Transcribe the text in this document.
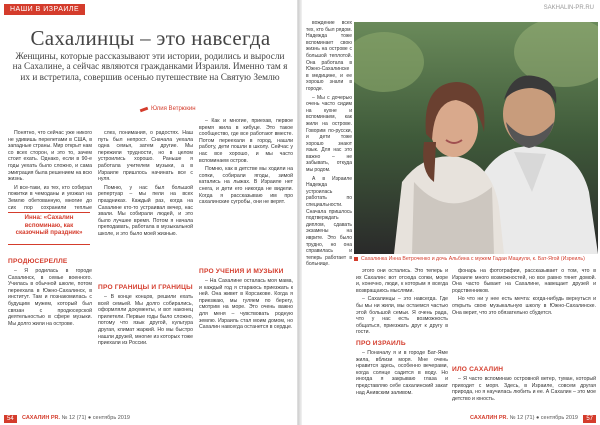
НАШИ В ИЗРАИЛЕ
Сахалинцы – это навсегда
Женщины, которые рассказывают эти истории, родились и выросли на Сахалине, а сейчас являются гражданками Израиля. Именно там я их и встретила, совершив осенью путешествие на Святую Землю
Юлия Ветрюкин

Понятно, что сейчас уже никого не удивишь перелетами в США, в западные страны. Мир открыт нам со всех сторон, и это то, зачем стоит ехать. Однако, если в 90-е годы уехать было сложно, и сама эмиграция была решением на всю жизнь.

И все-таки, из тех, кто собирал пожитки в чемоданы и уезжал на Землю обетованную, многие до сих пор сохранили теплые

Инна: «Сахалин вспоминаю, как сказочный праздник»
ПРОДЮСЕРЕЛЛЕ

– Я родилась в городе Сахалинск, в семье военного. Училась в обычной школе, потом переехала в Южно-Сахалинск, в институт. Там и познакомилась с будущим мужем, который был связан с продюсерской деятельностью в сфере музыки. Мы долго жили на острове.

слез, понимания, о радостях. Наш путь был непрост. Сначала уехала одна семья, затем другие. Мы пережили трудности, но в целом устроились хорошо. Раньше я работала учителем музыки, а в Израиле пришлось начинать все с нуля.

Помню, у нас был большой репертуар – мы пели на всех праздниках. Каждый раз, когда на Сахалине кто-то устраивал вечер, нас звали. Мы собирали людей, и это было лучшее время. Потом я начала преподавать, работала в музыкальной школе, и это было моей жизнью.

ПРО ГРАНИЦЫ И ГРАНИЦЫ

– В конце концов, решили ехать всей семьей. Мы долго собирались, оформляли документы, и вот наконец прилетели. Первые годы было сложно, потому что язык другой, культура другая, климат жаркий. Но мы быстро нашли друзей, многие из которых тоже приехали из России.

– Как и многие, приехав, первое время жила в кибуце. Это такое сообщество, где все работают вместе. Потом переехали в город, нашли работу, дети пошли в школу. Сейчас у нас все хорошо, и мы часто вспоминаем остров.

Помню, как в детстве мы ходили на сопки, собирали ягоды, зимой катались на лыжах. В Израиле нет снега, и дети его никогда не видели. Когда я рассказываю им про сахалинские сугробы, они не верят.

ПРО УЧЕНИЯ И МУЗЫКИ

– На Сахалине осталась моя мама, и каждый год я стараюсь приезжать к ней. Она живет в Корсакове. Когда я приезжаю, мы гуляем по берегу, смотрим на море. Это очень важно для меня – чувствовать родную землю. Израиль стал моим домом, но Сахалин навсегда останется в сердце.

54	САХАЛИН PR. № 12 (71) ● сентябрь 2019
SAKHALIN-PR.RU

вождение всех тех, кто был рядом. Надежда тоже вспоминает свою жизнь на острове с большой теплотой. Она работала в Южно-Сахалинске в медицине, и ее хорошо знали в городе.

– Мы с дочерью очень часто сидим на кухне и вспоминаем, как жили на острове. Говорим по-русски, и дети тоже хорошо знают язык. Для нас это важно – не забывать, откуда мы родом.

А в Израиле Надежда устроилась работать по специальности. Сначала пришлось подтверждать диплом, сдавать экзамены на иврите. Это было трудно, но она справилась и теперь работает в больнице.

этого они остались. Это теперь и их Сахалин: вот отсюда сопки, море и, конечно, люди, к которым я всегда возвращаюсь мыслями.

– Сахалинцы – это навсегда. Где бы мы ни жили, мы остаемся частью этой большой семьи. Я очень рада, что у нас есть возможность общаться, приезжать друг к другу в гости.

ПРО ИЗРАИЛЬ

– Поначалу я и в городе Бат-Яме жила, вблизи моря. Мне очень нравится здесь, особенно вечерами, когда солнце садится в воду. Но иногда я закрываю глаза и представляю себе сахалинский закат над Анивским заливом.

фонарь на фотографии, рассказывает о том, что в Израиле много возможностей, но все равно тянет домой. Она часто бывает на Сахалине, навещает друзей и родственников.

Но что ни у нее есть мечта: когда-нибудь вернуться и открыть свою музыкальную школу в Южно-Сахалинске. Она верит, что это обязательно сбудется.

ИЛО САХАЛИН

– Я часто вспоминаю островной ветер, туман, который приходит с моря. Здесь, в Израиле, совсем другая природа, но я научилась любить и ее. А Сахалин – это мое детство и юность.

САХАЛИН PR. № 12 (71) ● сентябрь 2019	57
Сахалинка Инна Ветроченко и дочь Альбина с мужем Гадаи Мациули, к. Бат-Ягой (Изреиль)
